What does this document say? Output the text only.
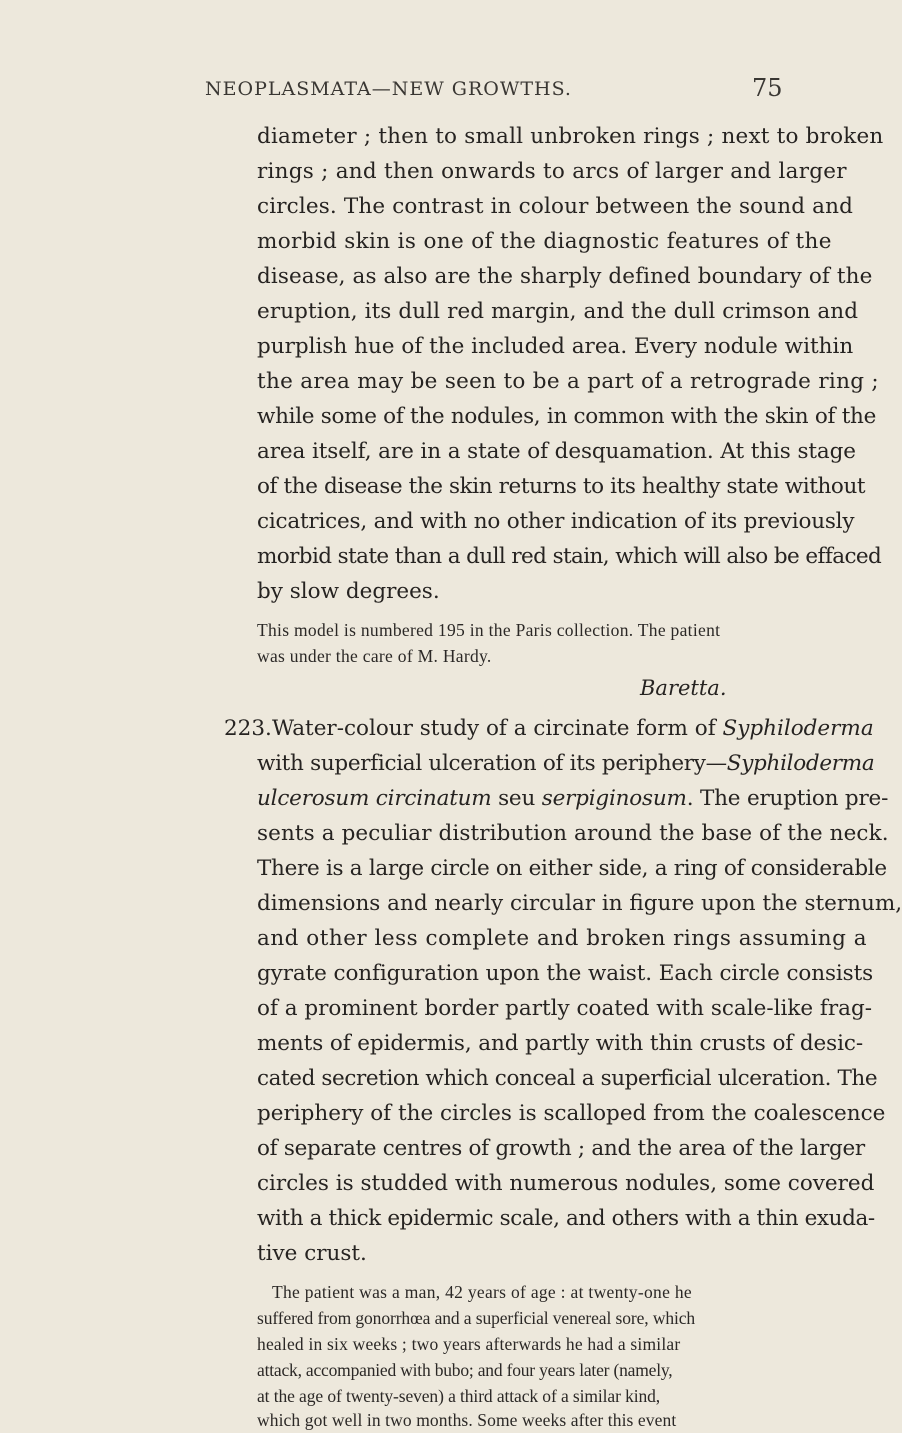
NEOPLASMATA—NEW GROWTHS.	75
diameter ; then to small unbroken rings ; next to broken
rings ; and then onwards to arcs of larger and larger
circles. The contrast in colour between the sound and
morbid skin is one of the diagnostic features of the
disease, as also are the sharply defined boundary of the
eruption, its dull red margin, and the dull crimson and
purplish hue of the included area. Every nodule within
the area may be seen to be a part of a retrograde ring ;
while some of the nodules, in common with the skin of the
area itself, are in a state of desquamation. At this stage
of the disease the skin returns to its healthy state without
cicatrices, and with no other indication of its previously
morbid state than a dull red stain, which will also be effaced
by slow degrees.
This model is numbered 195 in the Paris collection. The patient
was under the care of M. Hardy.
Baretta.
223. Water-colour study of a circinate form of Syphiloderma
with superficial ulceration of its periphery—Syphiloderma
ulcerosum circinatum seu serpiginosum. The eruption pre-
sents a peculiar distribution around the base of the neck.
There is a large circle on either side, a ring of considerable
dimensions and nearly circular in figure upon the sternum,
and other less complete and broken rings assuming a
gyrate configuration upon the waist. Each circle consists
of a prominent border partly coated with scale-like frag-
ments of epidermis, and partly with thin crusts of desic-
cated secretion which conceal a superficial ulceration. The
periphery of the circles is scalloped from the coalescence
of separate centres of growth ; and the area of the larger
circles is studded with numerous nodules, some covered
with a thick epidermic scale, and others with a thin exuda-
tive crust.
The patient was a man, 42 years of age : at twenty-one he
suffered from gonorrhœa and a superficial venereal sore, which
healed in six weeks ; two years afterwards he had a similar
attack, accompanied with bubo; and four years later (namely,
at the age of twenty-seven) a third attack of a similar kind,
which got well in two months. Some weeks after this event
